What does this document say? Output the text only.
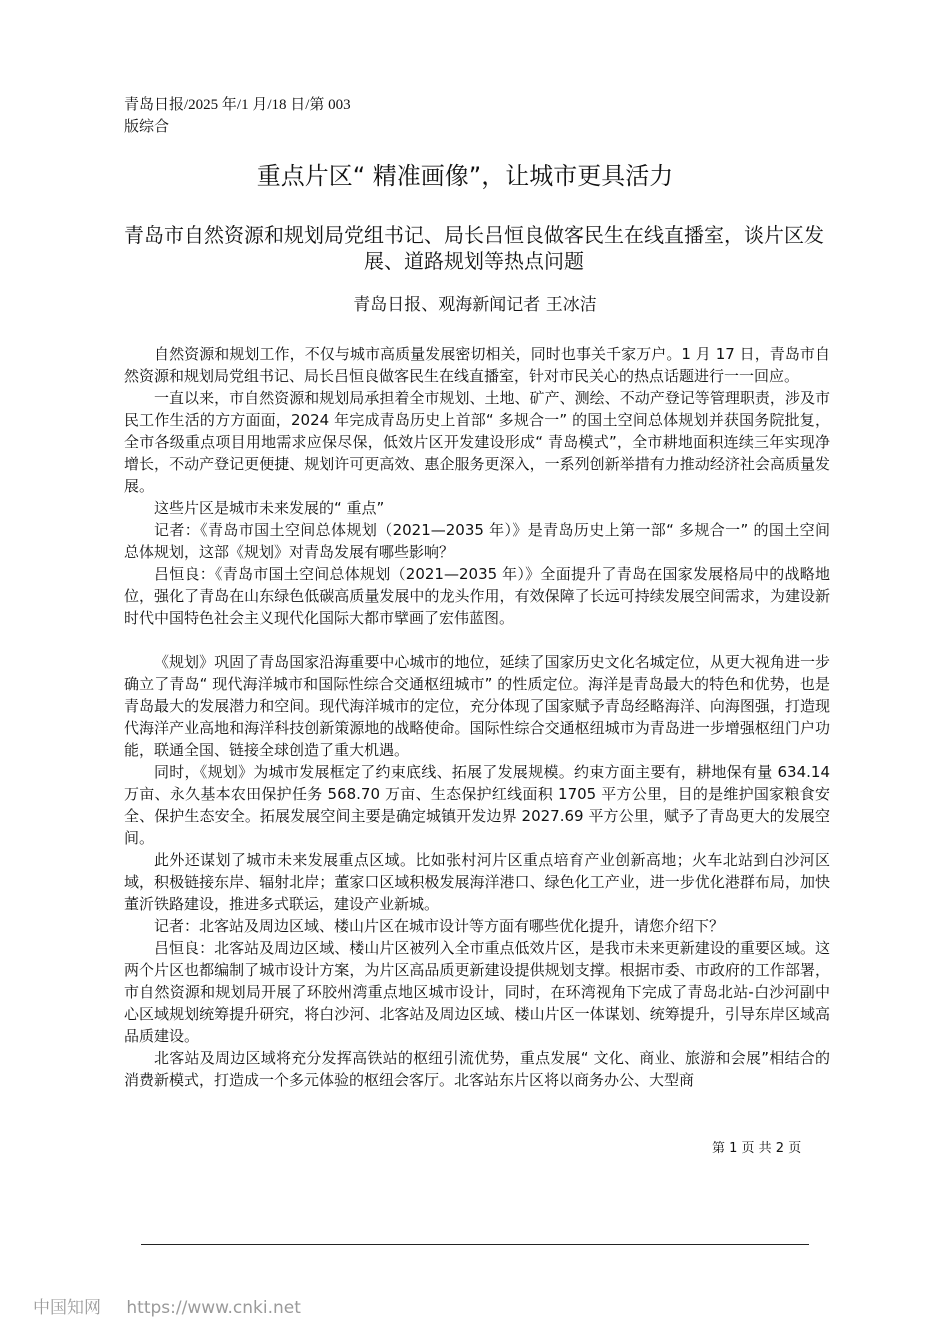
青岛日报/2025 年/1 月/18 日/第 003
版综合
重点片区“ 精准画像”，让城市更具活力
青岛市自然资源和规划局党组书记、局长吕恒良做客民生在线直播室，谈片区发展、道路规划等热点问题
青岛日报、观海新闻记者 王冰洁

自然资源和规划工作，不仅与城市高质量发展密切相关，同时也事关千家万户。1 月 17 日，青岛市自然资源和规划局党组书记、局长吕恒良做客民生在线直播室，针对市民关心的热点话题进行一一回应。

一直以来，市自然资源和规划局承担着全市规划、土地、矿产、测绘、不动产登记等管理职责，涉及市民工作生活的方方面面，2024 年完成青岛历史上首部“ 多规合一” 的国土空间总体规划并获国务院批复，全市各级重点项目用地需求应保尽保，低效片区开发建设形成“ 青岛模式”，全市耕地面积连续三年实现净增长，不动产登记更便捷、规划许可更高效、惠企服务更深入，一系列创新举措有力推动经济社会高质量发展。

这些片区是城市未来发展的“ 重点”

记者：《青岛市国土空间总体规划（2021—2035 年）》是青岛历史上第一部“ 多规合一” 的国土空间总体规划，这部《规划》对青岛发展有哪些影响？

吕恒良：《青岛市国土空间总体规划（2021—2035 年）》全面提升了青岛在国家发展格局中的战略地位，强化了青岛在山东绿色低碳高质量发展中的龙头作用，有效保障了长远可持续发展空间需求，为建设新时代中国特色社会主义现代化国际大都市擘画了宏伟蓝图。

《规划》巩固了青岛国家沿海重要中心城市的地位，延续了国家历史文化名城定位，从更大视角进一步确立了青岛“ 现代海洋城市和国际性综合交通枢纽城市” 的性质定位。海洋是青岛最大的特色和优势，也是青岛最大的发展潜力和空间。现代海洋城市的定位，充分体现了国家赋予青岛经略海洋、向海图强，打造现代海洋产业高地和海洋科技创新策源地的战略使命。国际性综合交通枢纽城市为青岛进一步增强枢纽门户功能，联通全国、链接全球创造了重大机遇。

同时，《规划》为城市发展框定了约束底线、拓展了发展规模。约束方面主要有，耕地保有量 634.14 万亩、永久基本农田保护任务 568.70 万亩、生态保护红线面积 1705 平方公里，目的是维护国家粮食安全、保护生态安全。拓展发展空间主要是确定城镇开发边界 2027.69 平方公里，赋予了青岛更大的发展空间。

此外还谋划了城市未来发展重点区域。比如张村河片区重点培育产业创新高地；火车北站到白沙河区域，积极链接东岸、辐射北岸；董家口区域积极发展海洋港口、绿色化工产业，进一步优化港群布局，加快董沂铁路建设，推进多式联运，建设产业新城。

记者：北客站及周边区域、楼山片区在城市设计等方面有哪些优化提升，请您介绍下？

吕恒良：北客站及周边区域、楼山片区被列入全市重点低效片区，是我市未来更新建设的重要区域。这两个片区也都编制了城市设计方案，为片区高品质更新建设提供规划支撑。根据市委、市政府的工作部署，市自然资源和规划局开展了环胶州湾重点地区城市设计，同时，在环湾视角下完成了青岛北站-白沙河副中心区域规划统筹提升研究，将白沙河、北客站及周边区域、楼山片区一体谋划、统筹提升，引导东岸区域高品质建设。

北客站及周边区域将充分发挥高铁站的枢纽引流优势，重点发展“ 文化、商业、旅游和会展”相结合的消费新模式，打造成一个多元体验的枢纽会客厅。北客站东片区将以商务办公、大型商

第 1 页 共 2 页
中国知网 https://www.cnki.net
